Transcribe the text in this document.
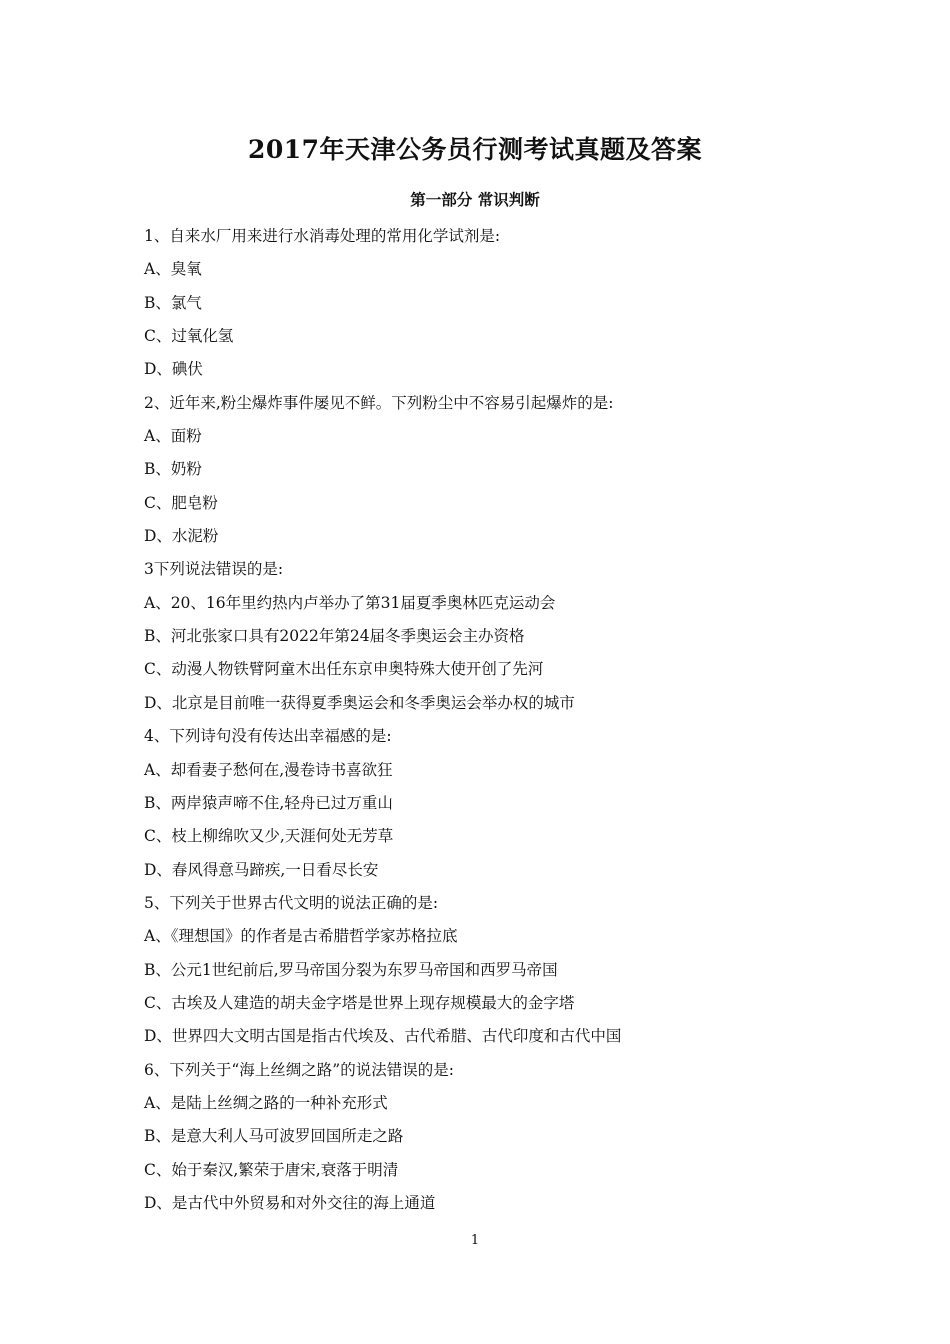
2017年天津公务员行测考试真题及答案
第一部分 常识判断
1、自来水厂用来进行水消毒处理的常用化学试剂是:
A、臭氧
B、氯气
C、过氧化氢
D、碘伏
2、近年来,粉尘爆炸事件屡见不鲜。下列粉尘中不容易引起爆炸的是:
A、面粉
B、奶粉
C、肥皂粉
D、水泥粉
3下列说法错误的是:
A、20、16年里约热内卢举办了第31届夏季奥林匹克运动会
B、河北张家口具有2022年第24届冬季奥运会主办资格
C、动漫人物铁臂阿童木出任东京申奥特殊大使开创了先河
D、北京是目前唯一获得夏季奥运会和冬季奥运会举办权的城市
4、下列诗句没有传达出幸福感的是:
A、却看妻子愁何在,漫卷诗书喜欲狂
B、两岸猿声啼不住,轻舟已过万重山
C、枝上柳绵吹又少,天涯何处无芳草
D、春风得意马蹄疾,一日看尽长安
5、下列关于世界古代文明的说法正确的是:
A、《理想国》的作者是古希腊哲学家苏格拉底
B、公元1世纪前后,罗马帝国分裂为东罗马帝国和西罗马帝国
C、古埃及人建造的胡夫金字塔是世界上现存规模最大的金字塔
D、世界四大文明古国是指古代埃及、古代希腊、古代印度和古代中国
6、下列关于“海上丝绸之路”的说法错误的是:
A、是陆上丝绸之路的一种补充形式
B、是意大利人马可波罗回国所走之路
C、始于秦汉,繁荣于唐宋,衰落于明清
D、是古代中外贸易和对外交往的海上通道
1
